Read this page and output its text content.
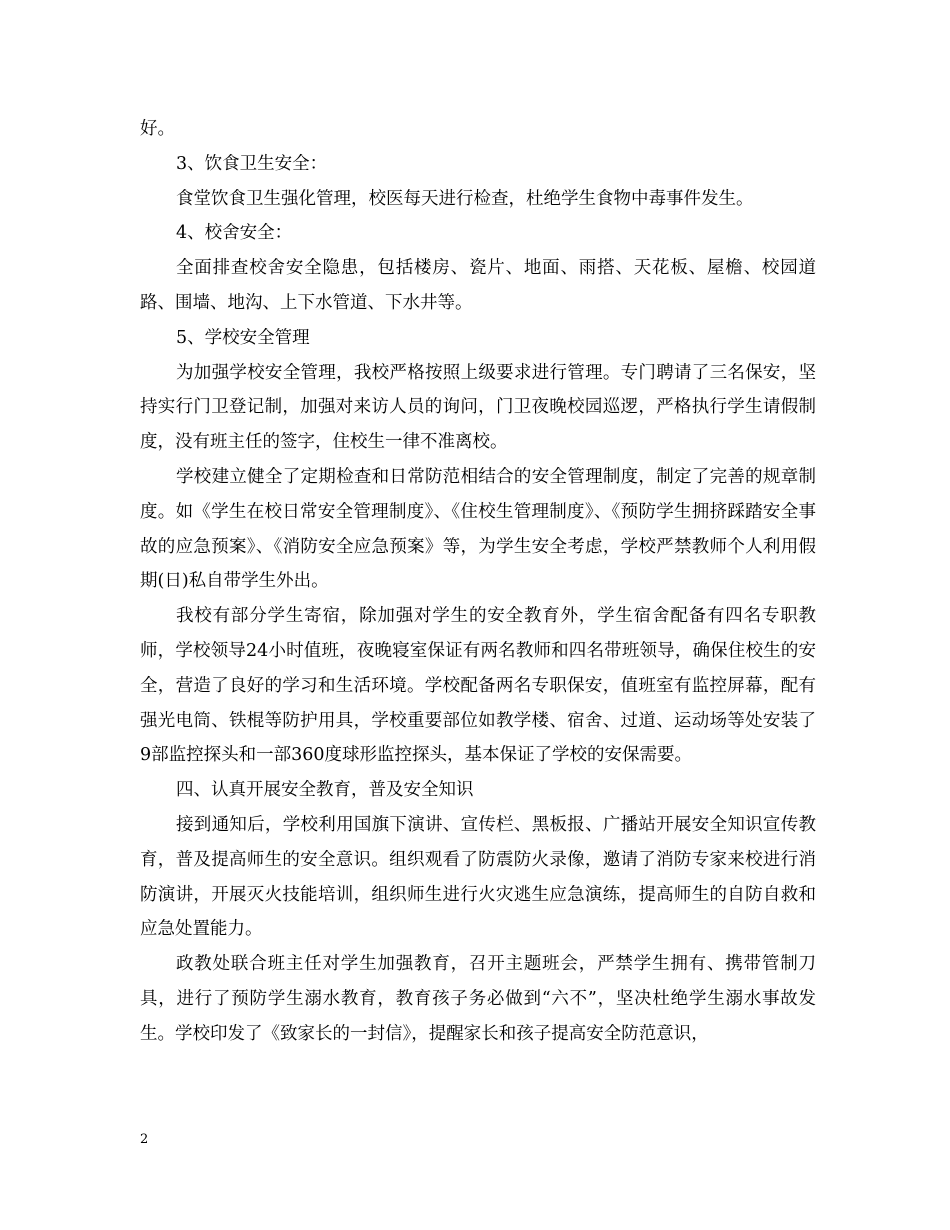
好。

3、饮食卫生安全：

食堂饮食卫生强化管理，校医每天进行检查，杜绝学生食物中毒事件发生。

4、校舍安全：

全面排查校舍安全隐患，包括楼房、瓷片、地面、雨搭、天花板、屋檐、校园道路、围墙、地沟、上下水管道、下水井等。

5、学校安全管理

为加强学校安全管理，我校严格按照上级要求进行管理。专门聘请了三名保安，坚持实行门卫登记制，加强对来访人员的询问，门卫夜晚校园巡逻，严格执行学生请假制度，没有班主任的签字，住校生一律不准离校。

学校建立健全了定期检查和日常防范相结合的安全管理制度，制定了完善的规章制度。如《学生在校日常安全管理制度》、《住校生管理制度》、《预防学生拥挤踩踏安全事故的应急预案》、《消防安全应急预案》等，为学生安全考虑，学校严禁教师个人利用假期(日)私自带学生外出。

我校有部分学生寄宿，除加强对学生的安全教育外，学生宿舍配备有四名专职教师，学校领导24小时值班，夜晚寝室保证有两名教师和四名带班领导，确保住校生的安全，营造了良好的学习和生活环境。学校配备两名专职保安，值班室有监控屏幕，配有强光电筒、铁棍等防护用具，学校重要部位如教学楼、宿舍、过道、运动场等处安装了9部监控探头和一部360度球形监控探头，基本保证了学校的安保需要。

四、认真开展安全教育，普及安全知识

接到通知后，学校利用国旗下演讲、宣传栏、黑板报、广播站开展安全知识宣传教育，普及提高师生的安全意识。组织观看了防震防火录像，邀请了消防专家来校进行消防演讲，开展灭火技能培训，组织师生进行火灾逃生应急演练，提高师生的自防自救和应急处置能力。

政教处联合班主任对学生加强教育，召开主题班会，严禁学生拥有、携带管制刀具，进行了预防学生溺水教育，教育孩子务必做到“六不”，坚决杜绝学生溺水事故发生。学校印发了《致家长的一封信》，提醒家长和孩子提高安全防范意识，

2
